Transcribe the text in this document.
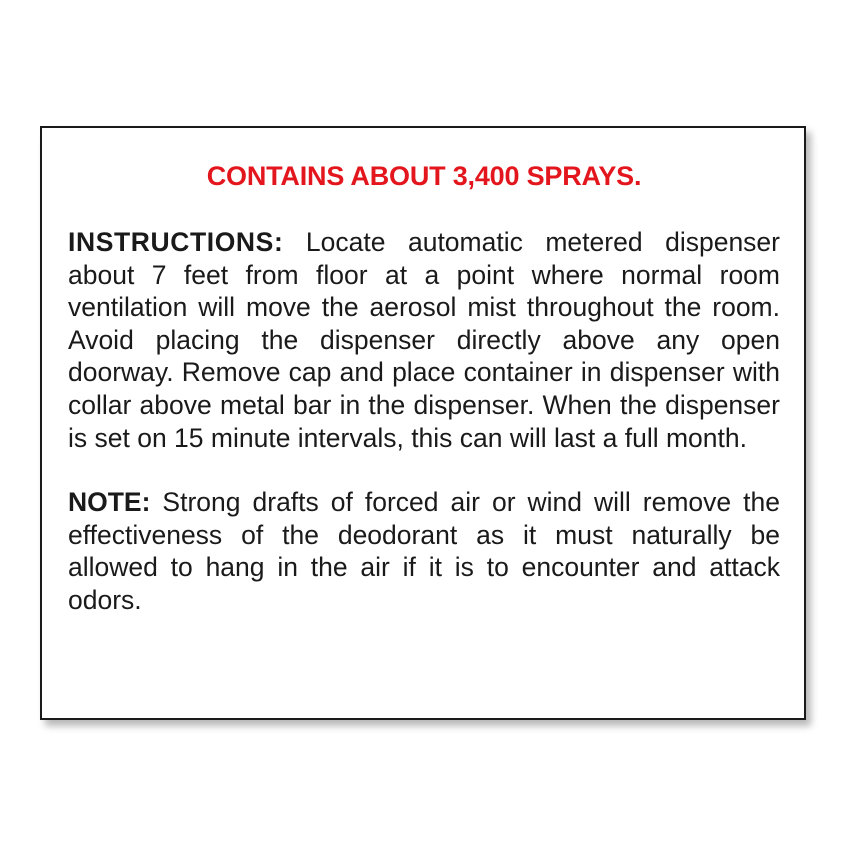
CONTAINS ABOUT 3,400 SPRAYS.

INSTRUCTIONS: Locate automatic metered dispenser about 7 feet from floor at a point where normal room ventilation will move the aerosol mist throughout the room. Avoid placing the dispenser directly above any open doorway. Remove cap and place container in dispenser with collar above metal bar in the dispenser. When the dispenser is set on 15 minute intervals, this can will last a full month.

NOTE: Strong drafts of forced air or wind will remove the effectiveness of the deodorant as it must naturally be allowed to hang in the air if it is to encounter and attack odors.
